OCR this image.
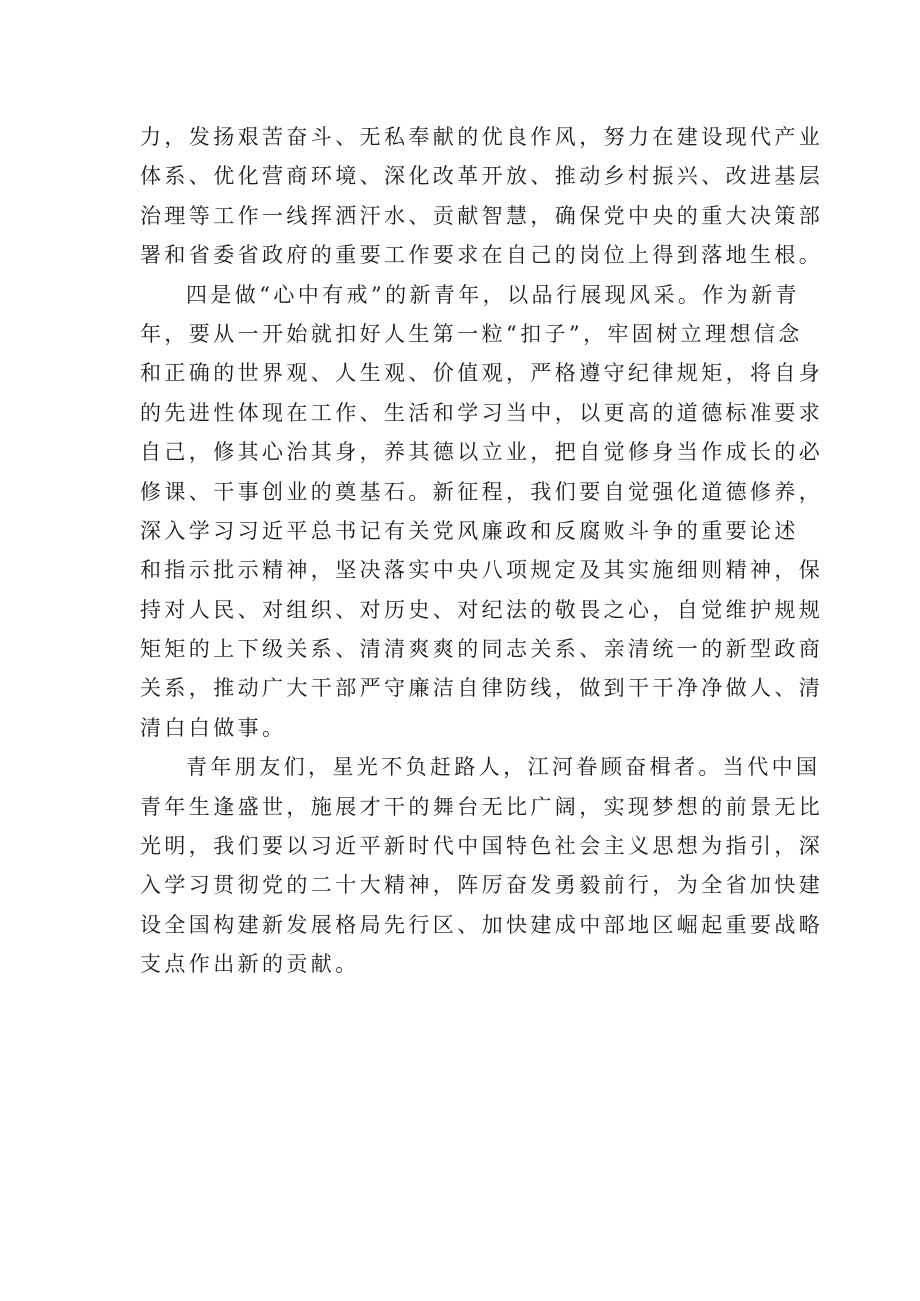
力，发扬艰苦奋斗、无私奉献的优良作风，努力在建设现代产业
体系、优化营商环境、深化改革开放、推动乡村振兴、改进基层
治理等工作一线挥洒汗水、贡献智慧，确保党中央的重大决策部
署和省委省政府的重要工作要求在自己的岗位上得到落地生根。
四是做“心中有戒”的新青年，以品行展现风采。作为新青
年，要从一开始就扣好人生第一粒“扣子”，牢固树立理想信念
和正确的世界观、人生观、价值观，严格遵守纪律规矩，将自身
的先进性体现在工作、生活和学习当中，以更高的道德标准要求
自己，修其心治其身，养其德以立业，把自觉修身当作成长的必
修课、干事创业的奠基石。新征程，我们要自觉强化道德修养，
深入学习习近平总书记有关党风廉政和反腐败斗争的重要论述
和指示批示精神，坚决落实中央八项规定及其实施细则精神，保
持对人民、对组织、对历史、对纪法的敬畏之心，自觉维护规规
矩矩的上下级关系、清清爽爽的同志关系、亲清统一的新型政商
关系，推动广大干部严守廉洁自律防线，做到干干净净做人、清
清白白做事。
青年朋友们，星光不负赶路人，江河眷顾奋楫者。当代中国
青年生逢盛世，施展才干的舞台无比广阔，实现梦想的前景无比
光明，我们要以习近平新时代中国特色社会主义思想为指引，深
入学习贯彻党的二十大精神，阵厉奋发勇毅前行，为全省加快建
设全国构建新发展格局先行区、加快建成中部地区崛起重要战略
支点作出新的贡献。
